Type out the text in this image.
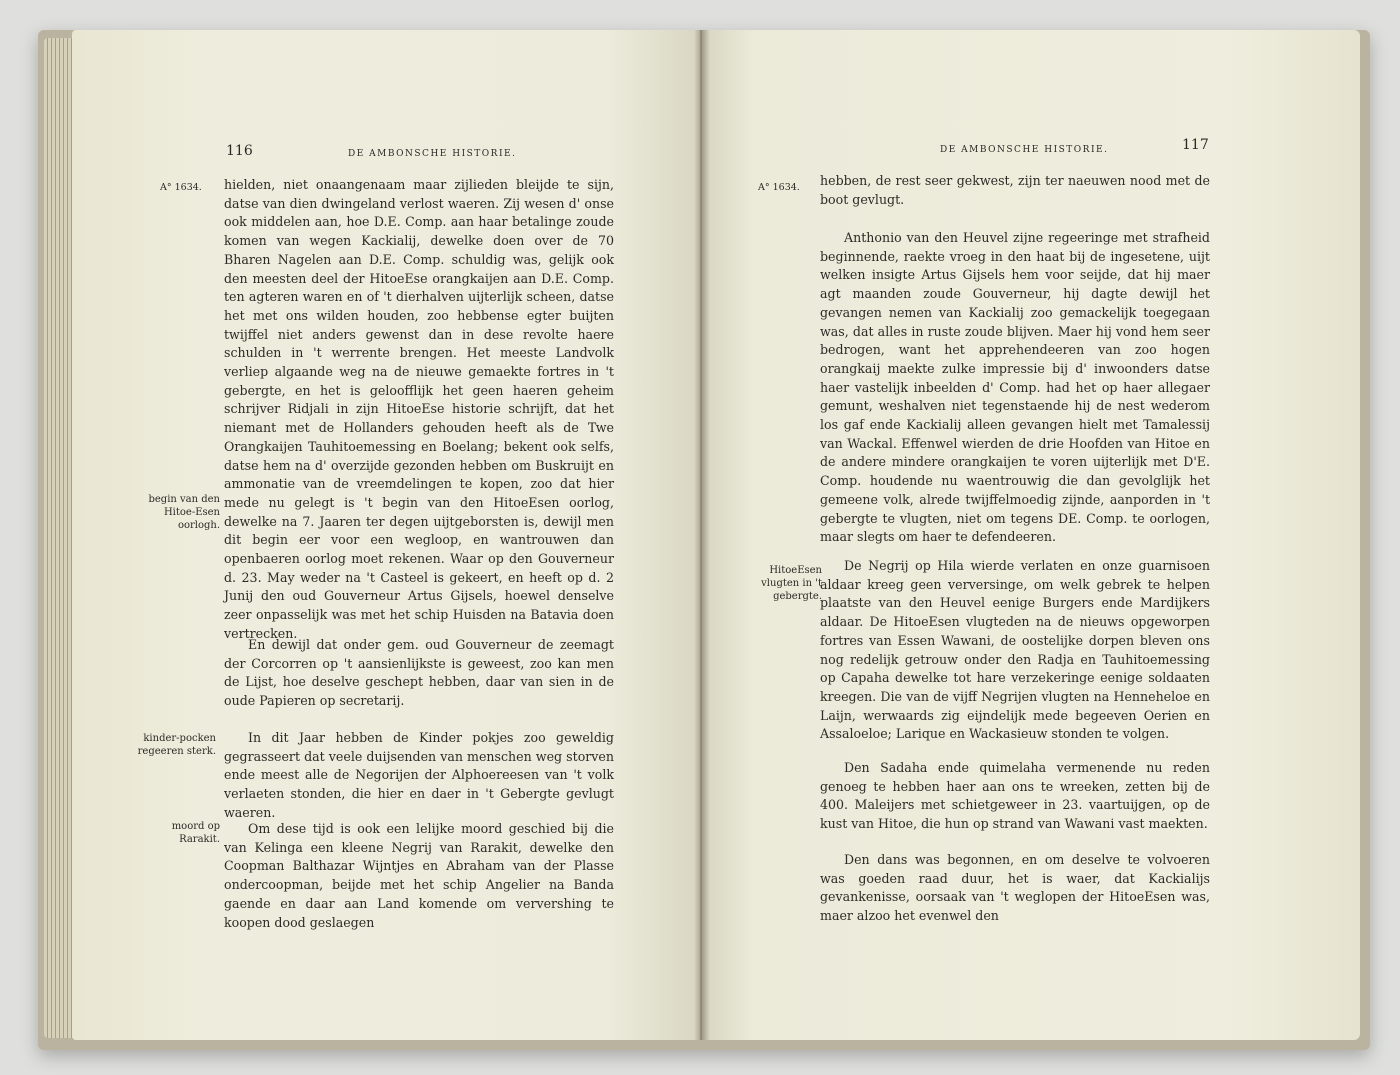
116	DE AMBONSCHE HISTORIE.
A° 1634.
begin van den Hitoe-Esen oorlogh.
kinder-pocken regeeren sterk.
moord op Rarakit.

hielden, niet onaangenaam maar zijlieden bleijde te sijn, datse van dien dwingeland verlost waeren. Zij wesen d' onse ook middelen aan, hoe D.E. Comp. aan haar betalinge zoude komen van wegen Kackialij, dewelke doen over de 70 Bharen Nagelen aan D.E. Comp. schuldig was, gelijk ook den meesten deel der HitoeEse orangkaijen aan D.E. Comp. ten agteren waren en of 't dierhalven uijterlijk scheen, datse het met ons wilden houden, zoo hebbense egter buijten twijffel niet anders gewenst dan in dese revolte haere schulden in 't werrente brengen. Het meeste Landvolk verliep algaande weg na de nieuwe gemaekte fortres in 't gebergte, en het is geloofflijk het geen haeren geheim schrijver Ridjali in zijn HitoeEse historie schrijft, dat het niemant met de Hollanders gehouden heeft als de Twe Orangkaijen Tauhitoemessing en Boelang; bekent ook selfs, datse hem na d' overzijde gezonden hebben om Buskruijt en ammonatie van de vreemdelingen te kopen, zoo dat hier mede nu gelegt is 't begin van den HitoeEsen oorlog, dewelke na 7. Jaaren ter degen uijtgeborsten is, dewijl men dit begin eer voor een wegloop, en wantrouwen dan openbaeren oorlog moet rekenen. Waar op den Gouverneur d. 23. May weder na 't Casteel is gekeert, en heeft op d. 2 Junij den oud Gouverneur Artus Gijsels, hoewel denselve zeer onpasselijk was met het schip Huisden na Batavia doen vertrecken.

En dewijl dat onder gem. oud Gouverneur de zeemagt der Corcorren op 't aansienlijkste is geweest, zoo kan men de Lijst, hoe deselve geschept hebben, daar van sien in de oude Papieren op secretarij.

In dit Jaar hebben de Kinder pokjes zoo geweldig gegrasseert dat veele duijsenden van menschen weg storven ende meest alle de Negorijen der Alphoereesen van 't volk verlaeten stonden, die hier en daer in 't Gebergte gevlugt waeren.

Om dese tijd is ook een lelijke moord geschied bij die van Kelinga een kleene Negrij van Rarakit, dewelke den Coopman Balthazar Wijntjes en Abraham van der Plasse ondercoopman, beijde met het schip Angelier na Banda gaende en daar aan Land komende om ververshing te koopen dood geslaegen

DE AMBONSCHE HISTORIE.	117
A° 1634.
HitoeEsen vlugten in 't gebergte.

hebben, de rest seer gekwest, zijn ter naeuwen nood met de boot gevlugt.

Anthonio van den Heuvel zijne regeeringe met strafheid beginnende, raekte vroeg in den haat bij de ingesetene, uijt welken insigte Artus Gijsels hem voor seijde, dat hij maer agt maanden zoude Gouverneur, hij dagte dewijl het gevangen nemen van Kackialij zoo gemackelijk toegegaan was, dat alles in ruste zoude blijven. Maer hij vond hem seer bedrogen, want het apprehendeeren van zoo hogen orangkaij maekte zulke impressie bij d' inwoonders datse haer vastelijk inbeelden d' Comp. had het op haer allegaer gemunt, weshalven niet tegenstaende hij de nest wederom los gaf ende Kackialij alleen gevangen hielt met Tamalessij van Wackal. Effenwel wierden de drie Hoofden van Hitoe en de andere mindere orangkaijen te voren uijterlijk met D'E. Comp. houdende nu waentrouwig die dan gevolglijk het gemeene volk, alrede twijffelmoedig zijnde, aanporden in 't gebergte te vlugten, niet om tegens DE. Comp. te oorlogen, maar slegts om haer te defendeeren.

De Negrij op Hila wierde verlaten en onze guarnisoen aldaar kreeg geen verversinge, om welk gebrek te helpen plaatste van den Heuvel eenige Burgers ende Mardijkers aldaar. De HitoeEsen vlugteden na de nieuws opgeworpen fortres van Essen Wawani, de oostelijke dorpen bleven ons nog redelijk getrouw onder den Radja en Tauhitoemessing op Capaha dewelke tot hare verzekeringe eenige soldaaten kreegen. Die van de vijff Negrijen vlugten na Henneheloe en Laijn, werwaards zig eijndelijk mede begeeven Oerien en Assaloeloe; Larique en Wackasieuw stonden te volgen.

Den Sadaha ende quimelaha vermenende nu reden genoeg te hebben haer aan ons te wreeken, zetten bij de 400. Maleijers met schietgeweer in 23. vaartuijgen, op de kust van Hitoe, die hun op strand van Wawani vast maekten.

Den dans was begonnen, en om deselve te volvoeren was goeden raad duur, het is waer, dat Kackialijs gevankenisse, oorsaak van 't weglopen der HitoeEsen was, maer alzoo het evenwel den
